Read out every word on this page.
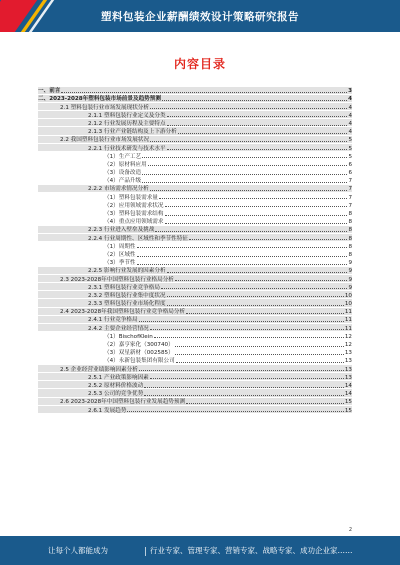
塑料包装企业薪酬绩效设计策略研究报告
内容目录
一、前言	3
二、2023-2028年塑料包装市场前景及趋势预测	4
2.1 塑料包装行业市场发展现状分析	4
2.1.1 塑料包装行业定义及分类	4
2.1.2 行业发展历程及主要特点	4
2.1.3 行业产业链结构及上下游分析	4
2.2 我国塑料包装行业市场发展状况	5
2.2.1 行业技术研发与技术水平	5
（1）生产工艺	5
（2）原材料应用	6
（3）设备改造	6
（4）产品升级	7
2.2.2 市场需求情况分析	7
（1）塑料包装需求量	7
（2）应用领域需求状况	7
（3）塑料包装需求结构	8
（4）重点应用领域需求	8
2.2.3 行业进入壁垒及挑战	8
2.2.4 行业周期性、区域性和季节性特征	8
（1）周期性	8
（2）区域性	8
（3）季节性	9
2.2.5 影响行业发展的因素分析	9
2.3 2023-2028年中国塑料包装行业格局分析	9
2.3.1 塑料包装行业竞争格局	9
2.3.2 塑料包装行业集中度状况	10
2.3.3 塑料包装行业市场化程度	10
2.4 2023-2028年我国塑料包装行业竞争格局分析	11
2.4.1 行业竞争格局	11
2.4.2 主要企业经营情况	11
（1）BischofKlein	12
（2）嘉亨家化（300740）	12
（3）双星新材（002585）	13
（4）永新包装集团有限公司	13
2.5 企业经营业绩影响因素分析	13
2.5.1 产业政策影响因素	13
2.5.2 原材料价格波动	14
2.5.3 公司的竞争优势	14
2.6 2023-2028年中国塑料包装行业发展趋势预测	15
2.6.1 发展趋势	15
2
让每个人都能成为	行业专家、管理专家、营销专家、战略专家、成功企业家……
